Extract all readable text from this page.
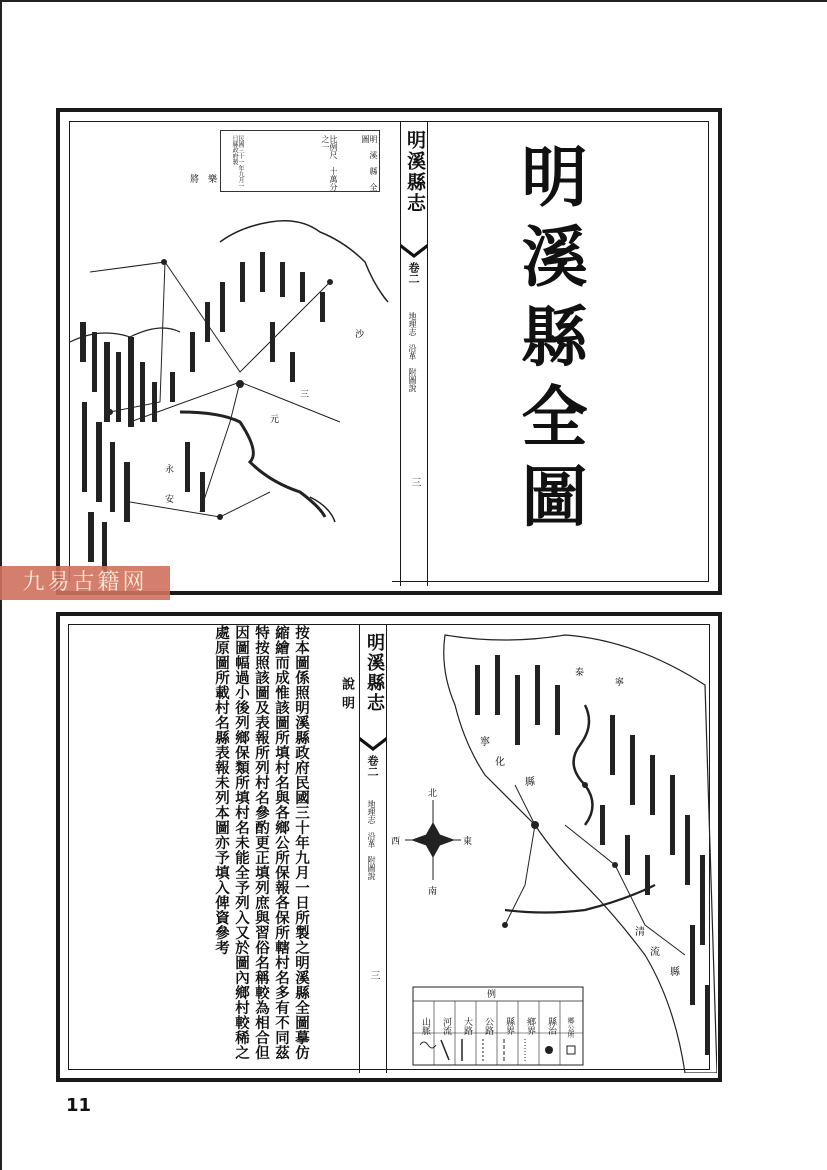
將　樂
沙
三
元
永
安
明　溪　縣　全　圖
比例尺　十萬分之一
民國三十一年九月一日縣政府製	明溪縣志
卷二
地理志　沿革　附圖說
三 明溪縣全圖
九易古籍网
說明
按本圖係照明溪縣政府民國三十年九月一日所製之明溪縣全圖摹仿縮繪而成惟該圖所填村名與各鄉公所保報各保所轄村名多有不同茲特按照該圖及表報所列村名參酌更正填列庶與習俗名稱較為相合但因圖幅過小後列鄉保類所填村名未能全予列入又於圖內鄉村較稀之處原圖所載村名縣表報未列本圖亦予填入俾資參考	明溪縣志
卷二
地理志　沿革　附圖說
三
北
南
東
西
寧
化
縣
泰
寧
清
流
縣
例
山脈 河流 大路 公路 縣界 鄉界 縣治 鄉公所
11
